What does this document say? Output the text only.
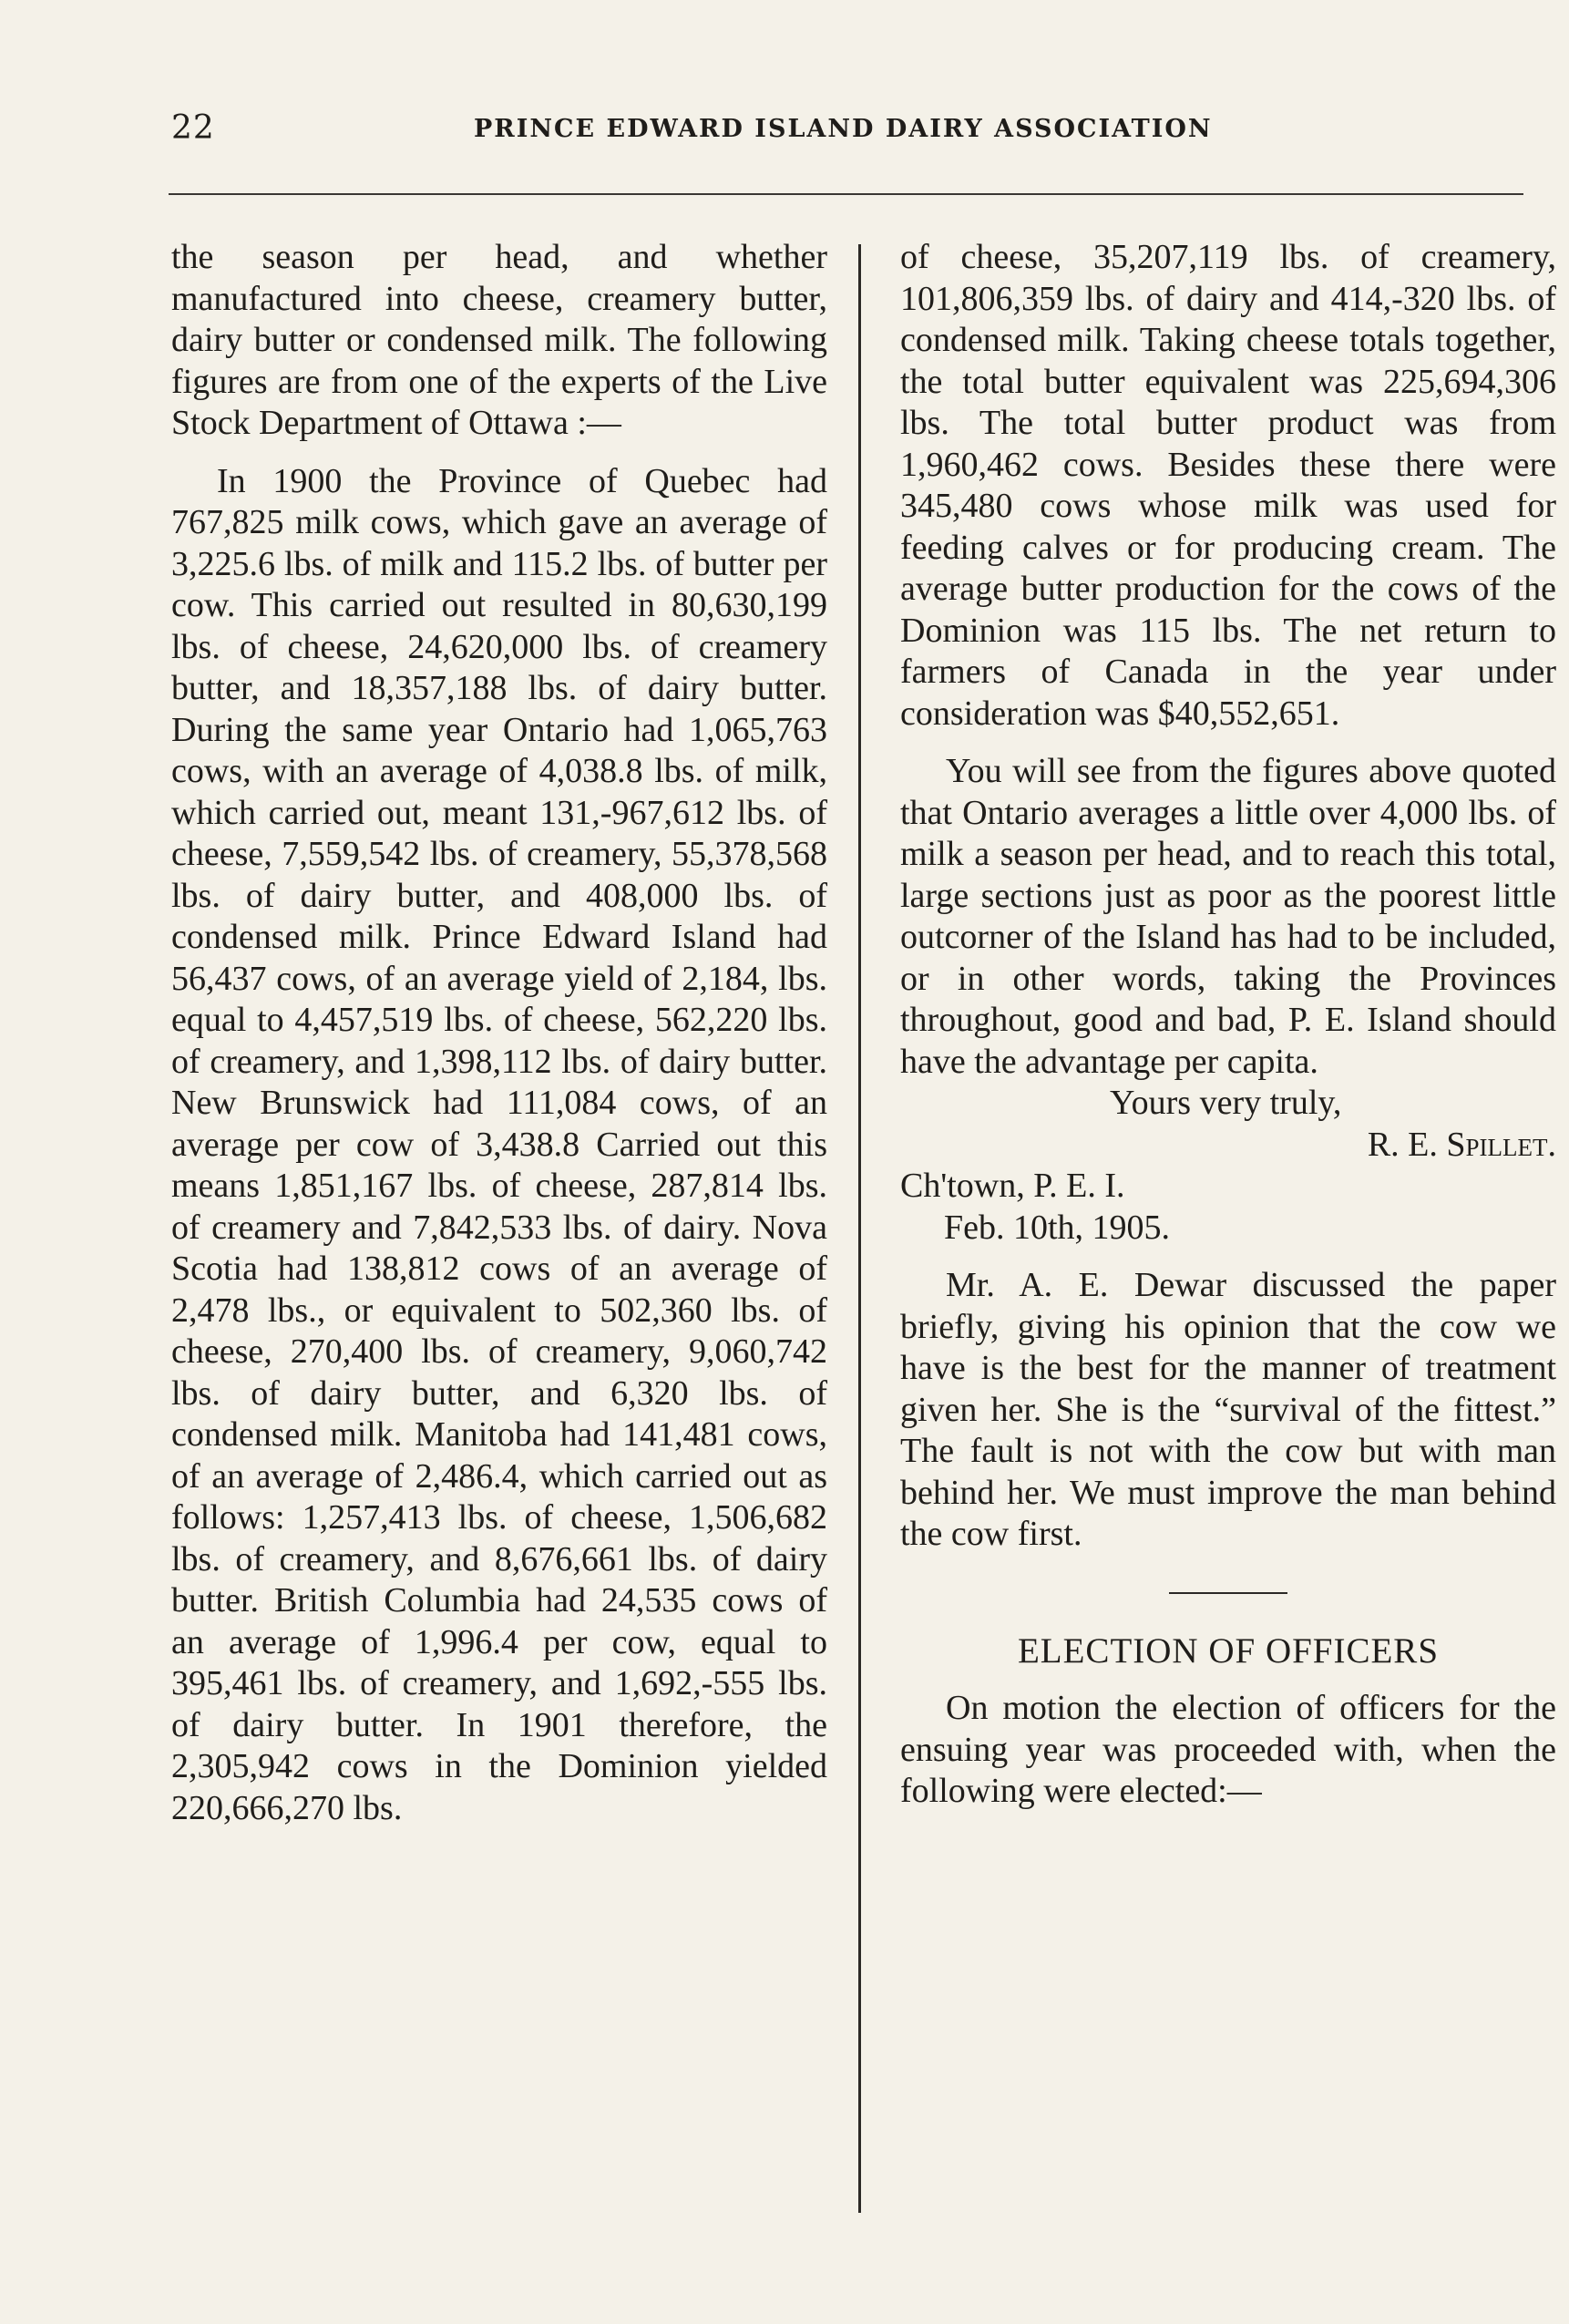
22	PRINCE EDWARD ISLAND DAIRY ASSOCIATION

the season per head, and whether manufactured into cheese, creamery butter, dairy butter or condensed milk. The following figures are from one of the experts of the Live Stock Department of Ottawa :—

In 1900 the Province of Quebec had 767,825 milk cows, which gave an average of 3,225.6 lbs. of milk and 115.2 lbs. of butter per cow. This carried out resulted in 80,630,199 lbs. of cheese, 24,620,000 lbs. of creamery butter, and 18,357,188 lbs. of dairy butter. During the same year Ontario had 1,065,763 cows, with an average of 4,038.8 lbs. of milk, which carried out, meant 131,-967,612 lbs. of cheese, 7,559,542 lbs. of creamery, 55,378,568 lbs. of dairy butter, and 408,000 lbs. of condensed milk. Prince Edward Island had 56,437 cows, of an average yield of 2,184, lbs. equal to 4,457,519 lbs. of cheese, 562,220 lbs. of creamery, and 1,398,112 lbs. of dairy butter. New Brunswick had 111,084 cows, of an average per cow of 3,438.8 Carried out this means 1,851,167 lbs. of cheese, 287,814 lbs. of creamery and 7,842,533 lbs. of dairy. Nova Scotia had 138,812 cows of an average of 2,478 lbs., or equivalent to 502,360 lbs. of cheese, 270,400 lbs. of creamery, 9,060,742 lbs. of dairy butter, and 6,320 lbs. of condensed milk. Manitoba had 141,481 cows, of an average of 2,486.4, which carried out as follows: 1,257,413 lbs. of cheese, 1,506,682 lbs. of creamery, and 8,676,661 lbs. of dairy butter. British Columbia had 24,535 cows of an average of 1,996.4 per cow, equal to 395,461 lbs. of creamery, and 1,692,-555 lbs. of dairy butter. In 1901 therefore, the 2,305,942 cows in the Dominion yielded 220,666,270 lbs.

of cheese, 35,207,119 lbs. of creamery, 101,806,359 lbs. of dairy and 414,-320 lbs. of condensed milk. Taking cheese totals together, the total butter equivalent was 225,694,306 lbs. The total butter product was from 1,960,462 cows. Besides these there were 345,480 cows whose milk was used for feeding calves or for producing cream. The average butter production for the cows of the Dominion was 115 lbs. The net return to farmers of Canada in the year under consideration was $40,552,651.

You will see from the figures above quoted that Ontario averages a little over 4,000 lbs. of milk a season per head, and to reach this total, large sections just as poor as the poorest little outcorner of the Island has had to be included, or in other words, taking the Provinces throughout, good and bad, P. E. Island should have the advantage per capita.

Yours very truly,

R. E. Spillet.

Ch'town, P. E. I.

Feb. 10th, 1905.

Mr. A. E. Dewar discussed the paper briefly, giving his opinion that the cow we have is the best for the manner of treatment given her. She is the “survival of the fittest.” The fault is not with the cow but with man behind her. We must improve the man behind the cow first.

ELECTION OF OFFICERS

On motion the election of officers for the ensuing year was proceeded with, when the following were elected:—
